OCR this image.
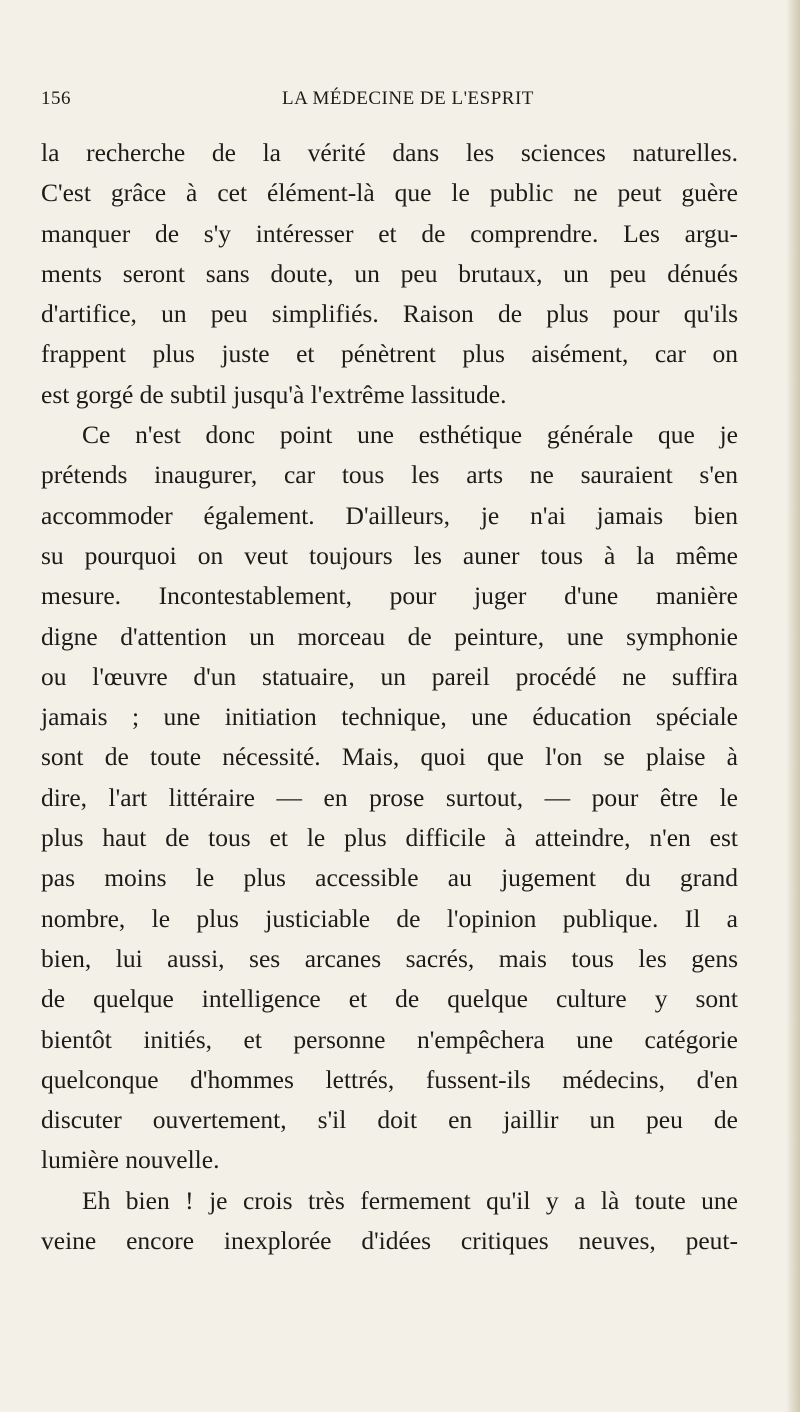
156	LA MÉDECINE DE L'ESPRIT
la recherche de la vérité dans les sciences naturelles.
C'est grâce à cet élément-là que le public ne peut guère
manquer de s'y intéresser et de comprendre. Les argu-
ments seront sans doute, un peu brutaux, un peu dénués
d'artifice, un peu simplifiés. Raison de plus pour qu'ils
frappent plus juste et pénètrent plus aisément, car on
est gorgé de subtil jusqu'à l'extrême lassitude.
Ce n'est donc point une esthétique générale que je
prétends inaugurer, car tous les arts ne sauraient s'en
accommoder également. D'ailleurs, je n'ai jamais bien
su pourquoi on veut toujours les auner tous à la même
mesure. Incontestablement, pour juger d'une manière
digne d'attention un morceau de peinture, une symphonie
ou l'œuvre d'un statuaire, un pareil procédé ne suffira
jamais ; une initiation technique, une éducation spéciale
sont de toute nécessité. Mais, quoi que l'on se plaise à
dire, l'art littéraire — en prose surtout, — pour être le
plus haut de tous et le plus difficile à atteindre, n'en est
pas moins le plus accessible au jugement du grand
nombre, le plus justiciable de l'opinion publique. Il a
bien, lui aussi, ses arcanes sacrés, mais tous les gens
de quelque intelligence et de quelque culture y sont
bientôt initiés, et personne n'empêchera une catégorie
quelconque d'hommes lettrés, fussent-ils médecins, d'en
discuter ouvertement, s'il doit en jaillir un peu de
lumière nouvelle.
Eh bien ! je crois très fermement qu'il y a là toute une
veine encore inexplorée d'idées critiques neuves, peut-
